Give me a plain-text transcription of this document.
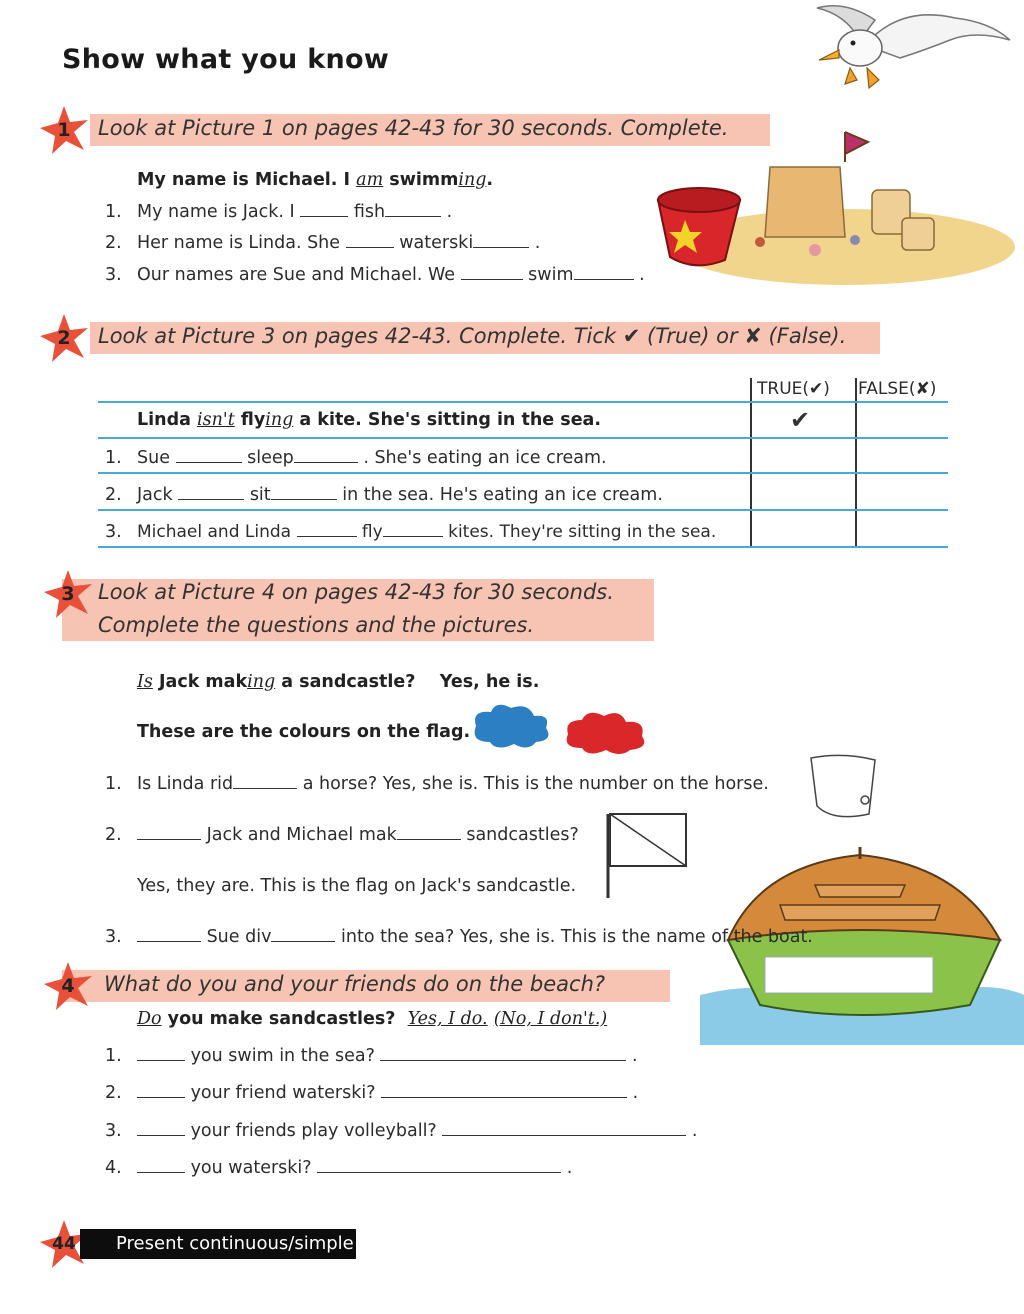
Show what you know
1	Look at Picture 1 on pages 42-43 for 30 seconds. Complete.
My name is Michael. I am swimming.
1. My name is Jack. I	fish	.
2. Her name is Linda. She	waterski	.
3. Our names are Sue and Michael. We	swim	.
2	Look at Picture 3 on pages 42-43. Complete. Tick ✔ (True) or ✘ (False).
TRUE(✔) FALSE(✘)
Linda isn't flying a kite. She's sitting in the sea.	✔
1. Sue	sleep	. She's eating an ice cream.
2. Jack	sit	in the sea. He's eating an ice cream.
3. Michael and Linda	fly	kites. They're sitting in the sea.
3	Look at Picture 4 on pages 42-43 for 30 seconds.
Complete the questions and the pictures.
Is Jack making a sandcastle? Yes, he is.
These are the colours on the flag.
1. Is Linda rid	a horse? Yes, she is. This is the number on the horse.
2.	Jack and Michael mak	sandcastles?
Yes, they are. This is the flag on Jack's sandcastle.
3.	Sue div	into the sea? Yes, she is. This is the name of the boat.
4	What do you and your friends do on the beach?
Do you make sandcastles? Yes, I do. (No, I don't.)
1.	you swim in the sea?	.
2.	your friend waterski?	.
3.	your friends play volleyball?	.
4.	you waterski?	.
44	Present continuous/simple
